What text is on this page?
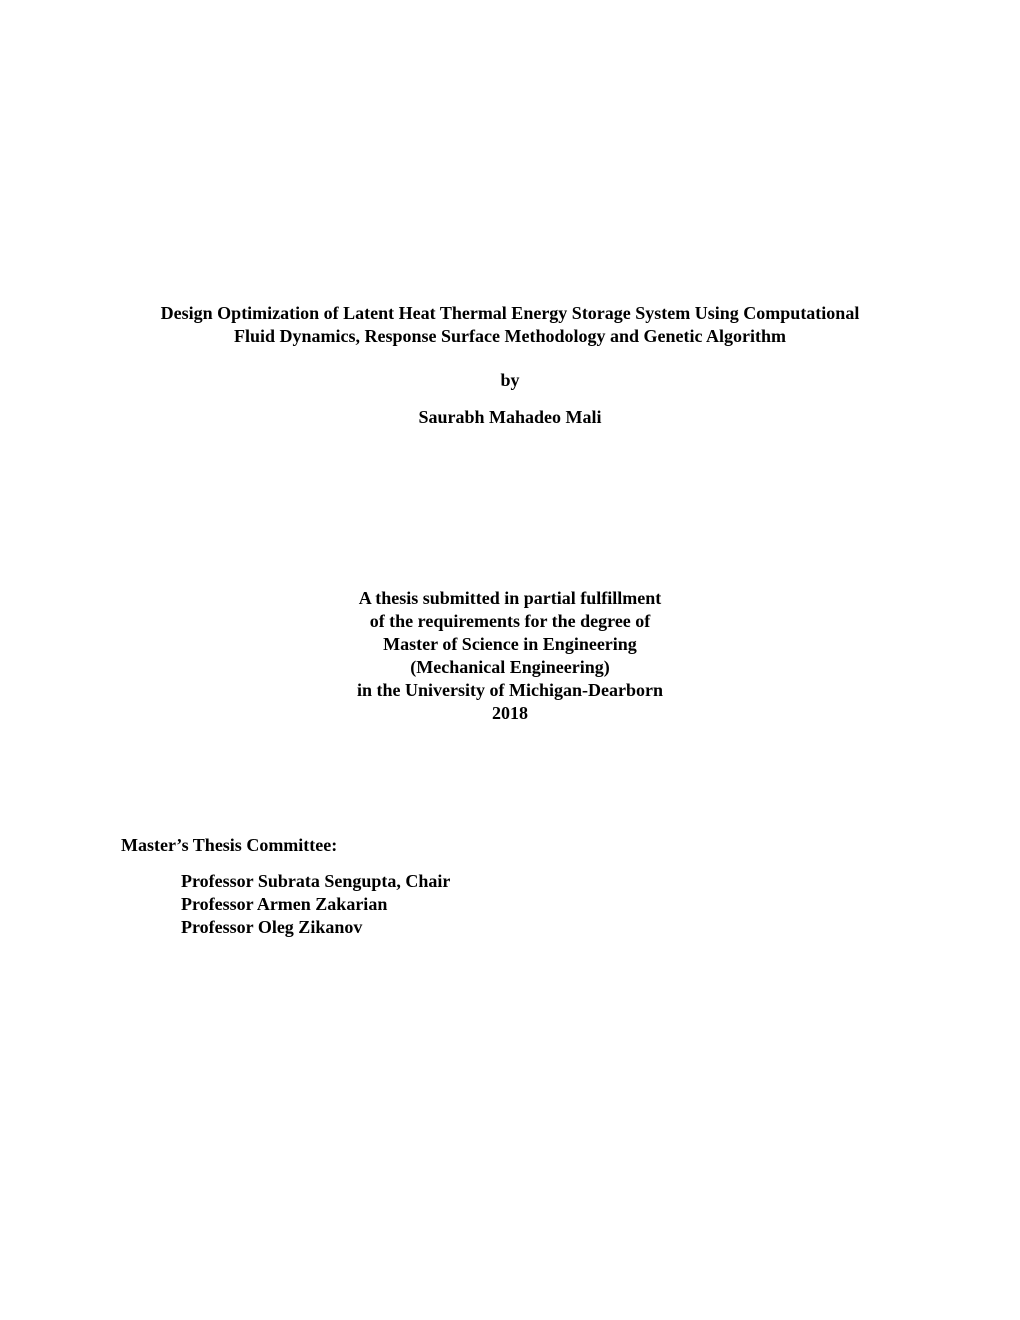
Design Optimization of Latent Heat Thermal Energy Storage System Using Computational
Fluid Dynamics, Response Surface Methodology and Genetic Algorithm
by
Saurabh Mahadeo Mali
A thesis submitted in partial fulfillment
of the requirements for the degree of
Master of Science in Engineering
(Mechanical Engineering)
in the University of Michigan-Dearborn
2018
Master’s Thesis Committee:
Professor Subrata Sengupta, Chair
Professor Armen Zakarian
Professor Oleg Zikanov
